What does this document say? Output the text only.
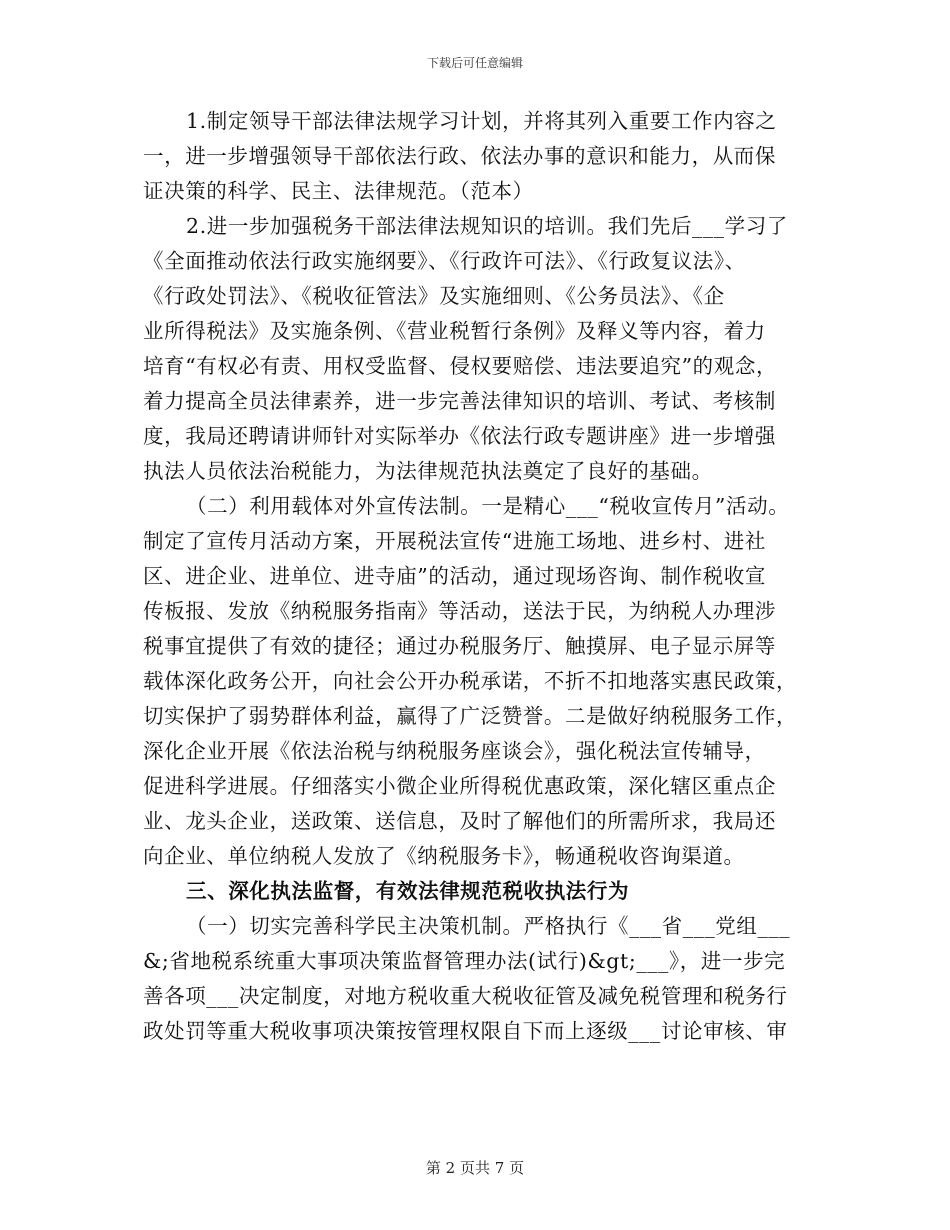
下载后可任意编辑
1.制定领导干部法律法规学习计划，并将其列入重要工作内容之
一，进一步增强领导干部依法行政、依法办事的意识和能力，从而保
证决策的科学、民主、法律规范。（范本）
2.进一步加强税务干部法律法规知识的培训。我们先后___学习了
《全面推动依法行政实施纲要》、《行政许可法》、《行政复议法》、
《行政处罚法》、《税收征管法》及实施细则、《公务员法》、《企
业所得税法》及实施条例、《营业税暂行条例》及释义等内容，着力
培育“有权必有责、用权受监督、侵权要赔偿、违法要追究”的观念，
着力提高全员法律素养，进一步完善法律知识的培训、考试、考核制
度，我局还聘请讲师针对实际举办《依法行政专题讲座》进一步增强
执法人员依法治税能力，为法律规范执法奠定了良好的基础。
（二）利用载体对外宣传法制。一是精心___“税收宣传月”活动。
制定了宣传月活动方案，开展税法宣传“进施工场地、进乡村、进社
区、进企业、进单位、进寺庙”的活动，通过现场咨询、制作税收宣
传板报、发放《纳税服务指南》等活动，送法于民，为纳税人办理涉
税事宜提供了有效的捷径；通过办税服务厅、触摸屏、电子显示屏等
载体深化政务公开，向社会公开办税承诺，不折不扣地落实惠民政策，
切实保护了弱势群体利益，赢得了广泛赞誉。二是做好纳税服务工作，
深化企业开展《依法治税与纳税服务座谈会》，强化税法宣传辅导，
促进科学进展。仔细落实小微企业所得税优惠政策，深化辖区重点企
业、龙头企业，送政策、送信息，及时了解他们的所需所求，我局还
向企业、单位纳税人发放了《纳税服务卡》，畅通税收咨询渠道。
三、深化执法监督，有效法律规范税收执法行为
（一）切实完善科学民主决策机制。严格执行《___省___党组___
&;省地税系统重大事项决策监督管理办法(试行)&gt;___》，进一步完
善各项___决定制度，对地方税收重大税收征管及减免税管理和税务行
政处罚等重大税收事项决策按管理权限自下而上逐级___讨论审核、审
第 2 页共 7 页
